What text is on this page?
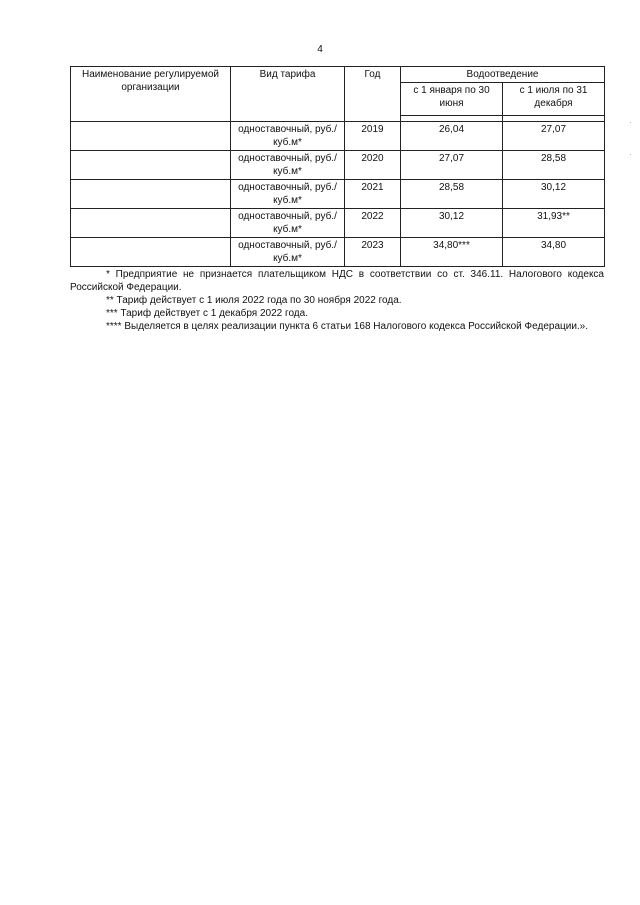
4
Наименование регулируемой организации	Вид тарифа	Год	Водоотведение	
			с 1 января по 30 июня	с 1 июля по 31 декабря

	одноставочный, руб./куб.м*	2019	26,04	27,07
	одноставочный, руб./куб.м*	2020	27,07	28,58
	одноставочный, руб./куб.м*	2021	28,58	30,12
	одноставочный, руб./куб.м*	2022	30,12	31,93**
	одноставочный, руб./куб.м*	2023	34,80***	34,80

* Предприятие не признается плательщиком НДС в соответствии со ст. 346.11. Налогового кодекса Российской Федерации.

** Тариф действует с 1 июля 2022 года по 30 ноября 2022 года.

*** Тариф действует с 1 декабря 2022 года.

**** Выделяется в целях реализации пункта 6 статьи 168 Налогового кодекса Российской Федерации.».

·
·
